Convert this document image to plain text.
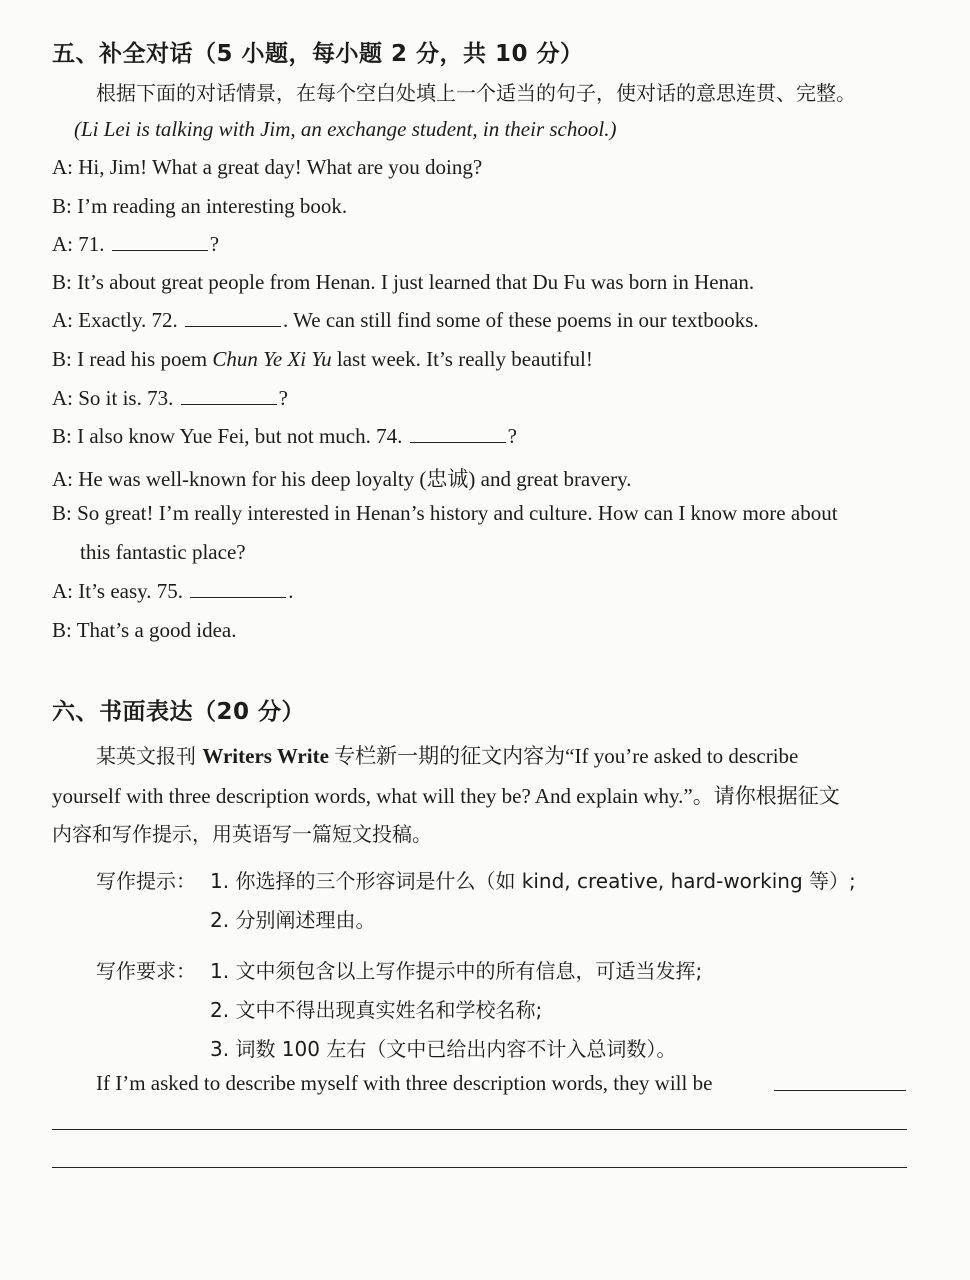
五、补全对话（5 小题，每小题 2 分，共 10 分）
根据下面的对话情景，在每个空白处填上一个适当的句子，使对话的意思连贯、完整。
(Li Lei is talking with Jim, an exchange student, in their school.)
A: Hi, Jim! What a great day! What are you doing?
B: I’m reading an interesting book.
A: 71.	?
B: It’s about great people from Henan. I just learned that Du Fu was born in Henan.
A: Exactly. 72.	. We can still find some of these poems in our textbooks.
B: I read his poem Chun Ye Xi Yu last week. It’s really beautiful!
A: So it is. 73.	?
B: I also know Yue Fei, but not much. 74.	?
A: He was well-known for his deep loyalty (忠诚) and great bravery.
B: So great! I’m really interested in Henan’s history and culture. How can I know more about
this fantastic place?
A: It’s easy. 75.	.
B: That’s a good idea.
六、书面表达（20 分）
某英文报刊 Writers Write 专栏新一期的征文内容为“If you’re asked to describe
yourself with three description words, what will they be? And explain why.”。请你根据征文
内容和写作提示，用英语写一篇短文投稿。
写作提示： 1. 你选择的三个形容词是什么（如 kind, creative, hard-working 等）;
2. 分别阐述理由。
写作要求： 1. 文中须包含以上写作提示中的所有信息，可适当发挥;
2. 文中不得出现真实姓名和学校名称;
3. 词数 100 左右（文中已给出内容不计入总词数）。
If I’m asked to describe myself with three description words, they will be
